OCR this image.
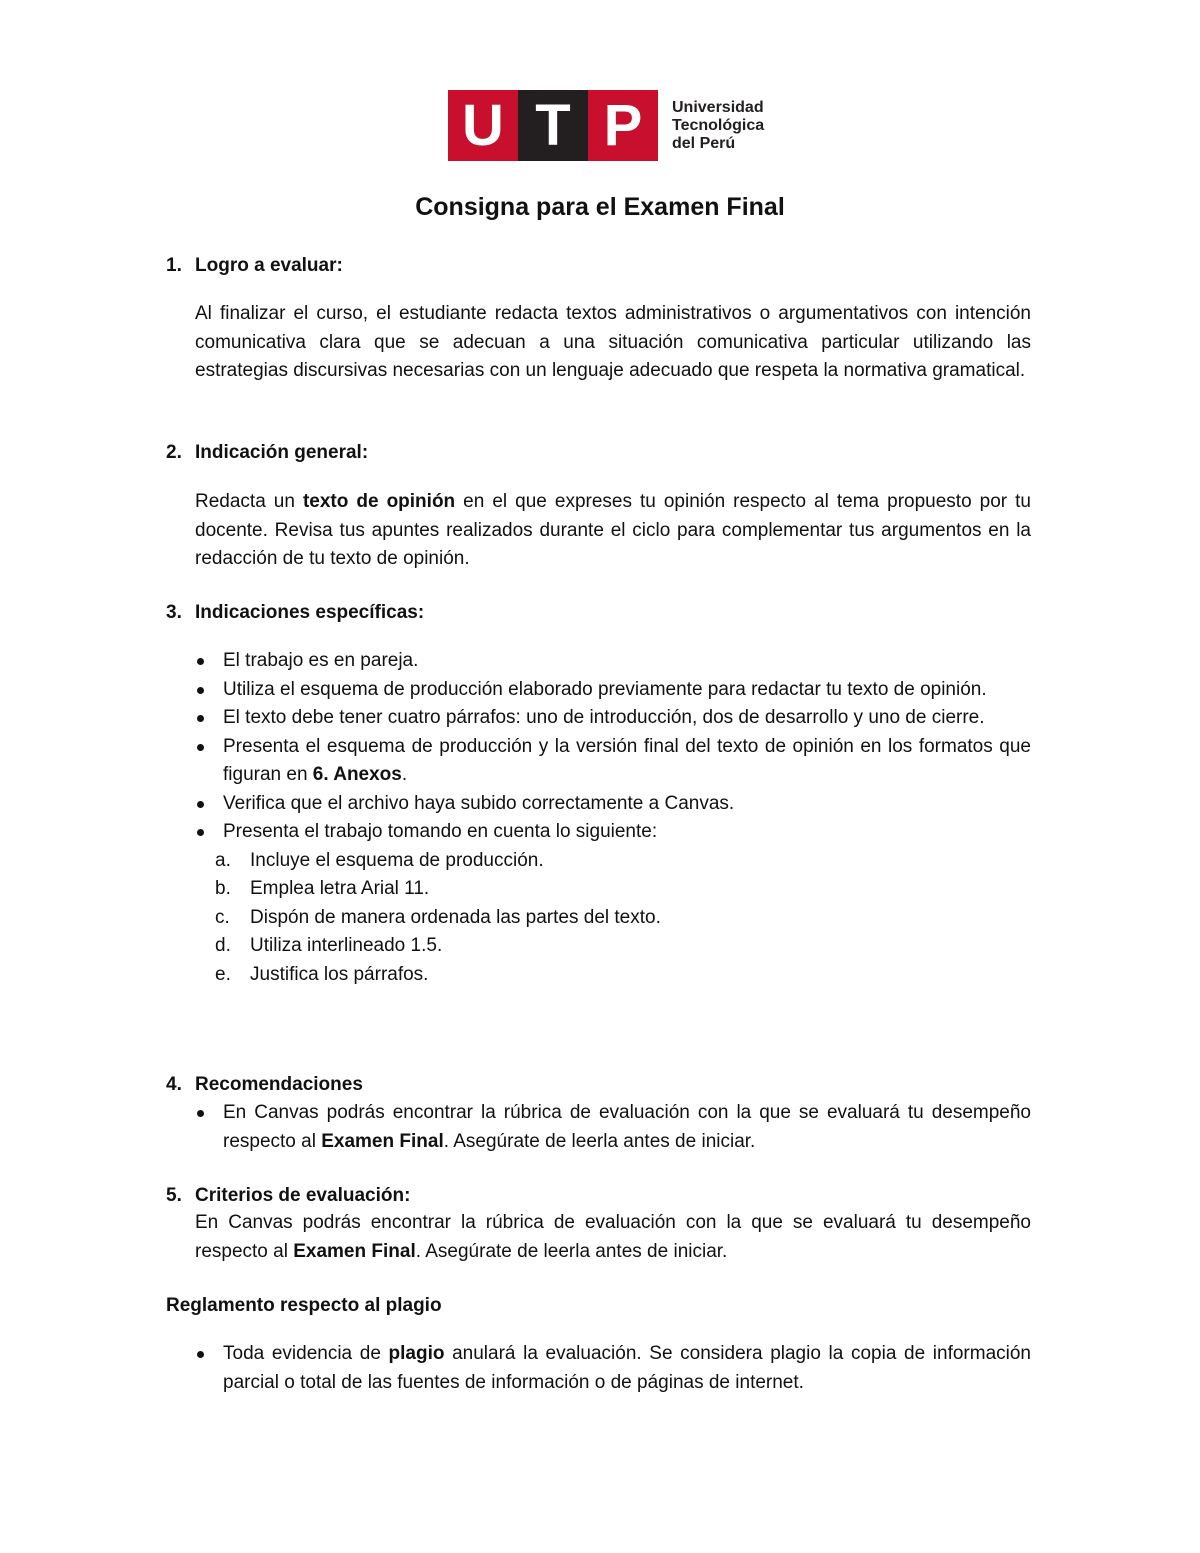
U T P	Universidad
Tecnológica
del Perú
Consigna para el Examen Final
1. Logro a evaluar:
Al finalizar el curso, el estudiante redacta textos administrativos o argumentativos con intención comunicativa clara que se adecuan a una situación comunicativa particular utilizando las estrategias discursivas necesarias con un lenguaje adecuado que respeta la normativa gramatical.
2. Indicación general:
Redacta un texto de opinión en el que expreses tu opinión respecto al tema propuesto por tu docente. Revisa tus apuntes realizados durante el ciclo para complementar tus argumentos en la redacción de tu texto de opinión.
3. Indicaciones específicas:
El trabajo es en pareja.
Utiliza el esquema de producción elaborado previamente para redactar tu texto de opinión.
El texto debe tener cuatro párrafos: uno de introducción, dos de desarrollo y uno de cierre.
Presenta el esquema de producción y la versión final del texto de opinión en los formatos que figuran en 6. Anexos.
Verifica que el archivo haya subido correctamente a Canvas.
Presenta el trabajo tomando en cuenta lo siguiente:
a. Incluye el esquema de producción.
b. Emplea letra Arial 11.
c. Dispón de manera ordenada las partes del texto.
d. Utiliza interlineado 1.5.
e. Justifica los párrafos.
4. Recomendaciones
En Canvas podrás encontrar la rúbrica de evaluación con la que se evaluará tu desempeño respecto al Examen Final. Asegúrate de leerla antes de iniciar.
5. Criterios de evaluación:
En Canvas podrás encontrar la rúbrica de evaluación con la que se evaluará tu desempeño respecto al Examen Final. Asegúrate de leerla antes de iniciar.
Reglamento respecto al plagio
Toda evidencia de plagio anulará la evaluación. Se considera plagio la copia de información parcial o total de las fuentes de información o de páginas de internet.
